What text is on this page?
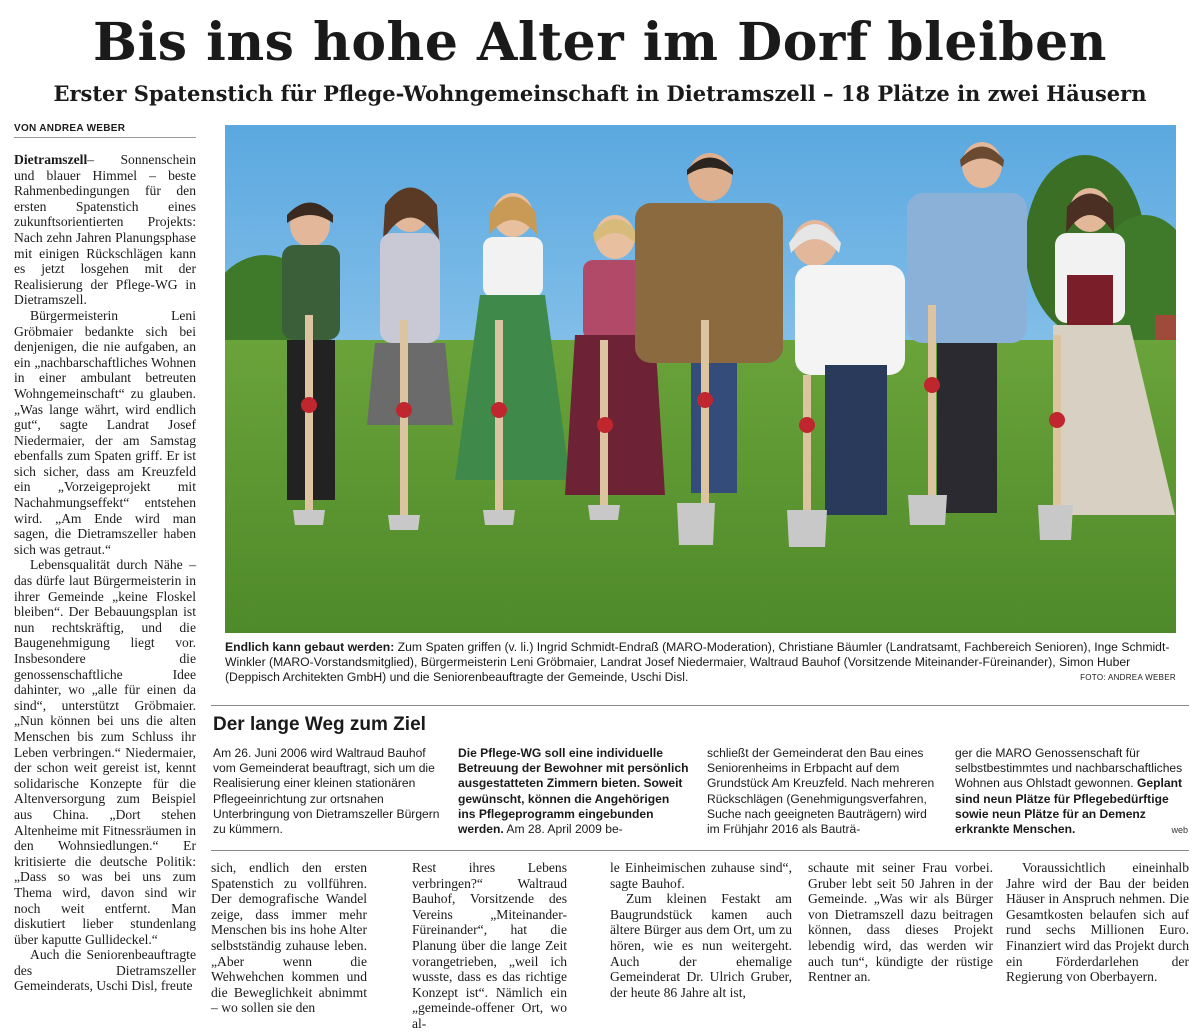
Bis ins hohe Alter im Dorf bleiben
Erster Spatenstich für Pflege-Wohngemeinschaft in Dietramszell – 18 Plätze in zwei Häusern
VON ANDREA WEBER

Dietramszell– Sonnenschein und blauer Himmel – beste Rahmenbedingungen für den ersten Spatenstich eines zukunftsorientierten Projekts: Nach zehn Jahren Planungsphase mit einigen Rückschlägen kann es jetzt losgehen mit der Realisierung der Pflege-WG in Dietramszell.

Bürgermeisterin Leni Gröbmaier bedankte sich bei denjenigen, die nie aufgaben, an ein „nachbarschaftliches Wohnen in einer ambulant betreuten Wohngemeinschaft“ zu glauben. „Was lange währt, wird endlich gut“, sagte Landrat Josef Niedermaier, der am Samstag ebenfalls zum Spaten griff. Er ist sich sicher, dass am Kreuzfeld ein „Vorzeigeprojekt mit Nachahmungseffekt“ entstehen wird. „Am Ende wird man sagen, die Dietramszeller haben sich was getraut.“

Lebensqualität durch Nähe – das dürfe laut Bürgermeisterin in ihrer Gemeinde „keine Floskel bleiben“. Der Bebauungsplan ist nun rechtskräftig, und die Baugenehmigung liegt vor. Insbesondere die genossenschaftliche Idee dahinter, wo „alle für einen da sind“, unterstützt Gröbmaier. „Nun können bei uns die alten Menschen bis zum Schluss ihr Leben verbringen.“ Niedermaier, der schon weit gereist ist, kennt solidarische Konzepte für die Altenversorgung zum Beispiel aus China. „Dort stehen Altenheime mit Fitnessräumen in den Wohnsiedlungen.“ Er kritisierte die deutsche Politik: „Dass so was bei uns zum Thema wird, davon sind wir noch weit entfernt. Man diskutiert lieber stundenlang über kaputte Gullideckel.“

Auch die Seniorenbeauftragte des Dietramszeller Gemeinderats, Uschi Disl, freute

Endlich kann gebaut werden: Zum Spaten griffen (v. li.) Ingrid Schmidt-Endraß (MARO-Moderation), Christiane Bäumler (Landratsamt, Fachbereich Senioren), Inge Schmidt-Winkler (MARO-Vorstandsmitglied), Bürgermeisterin Leni Gröbmaier, Landrat Josef Niedermaier, Waltraud Bauhof (Vorsitzende Miteinander-Füreinander), Simon Huber (Deppisch Architekten GmbH) und die Seniorenbeauftragte der Gemeinde, Uschi Disl.	FOTO: ANDREA WEBER
Der lange Weg zum Ziel

Am 26. Juni 2006 wird Waltraud Bauhof vom Gemeinderat beauftragt, sich um die Realisierung einer kleinen stationären Pflegeeinrichtung zur ortsnahen Unterbringung von Dietramszeller Bürgern zu kümmern.

Die Pflege-WG soll eine individuelle Betreuung der Bewohner mit persönlich ausgestatteten Zimmern bieten. Soweit gewünscht, können die Angehörigen ins Pflegeprogramm eingebunden werden. Am 28. April 2009 be-

schließt der Gemeinderat den Bau eines Seniorenheims in Erbpacht auf dem Grundstück Am Kreuzfeld. Nach mehreren Rückschlägen (Genehmigungsverfahren, Suche nach geeigneten Bauträgern) wird im Frühjahr 2016 als Bauträ-

ger die MARO Genossenschaft für selbstbestimmtes und nachbarschaftliches Wohnen aus Ohlstadt gewonnen. Geplant sind neun Plätze für Pflegebedürftige sowie neun Plätze für an Demenz erkrankte Menschen.	web

sich, endlich den ersten Spatenstich zu vollführen. Der demografische Wandel zeige, dass immer mehr Menschen bis ins hohe Alter selbstständig zuhause leben. „Aber wenn die Wehwehchen kommen und die Beweglichkeit abnimmt – wo sollen sie den

Rest ihres Lebens verbringen?“ Waltraud Bauhof, Vorsitzende des Vereins „Miteinander-Füreinander“, hat die Planung über die lange Zeit vorangetrieben, „weil ich wusste, dass es das richtige Konzept ist“. Nämlich ein „gemeinde-offener Ort, wo al-

le Einheimischen zuhause sind“, sagte Bauhof.

Zum kleinen Festakt am Baugrundstück kamen auch ältere Bürger aus dem Ort, um zu hören, wie es nun weitergeht. Auch der ehemalige Gemeinderat Dr. Ulrich Gruber, der heute 86 Jahre alt ist,

schaute mit seiner Frau vorbei. Gruber lebt seit 50 Jahren in der Gemeinde. „Was wir als Bürger von Dietramszell dazu beitragen können, dass dieses Projekt lebendig wird, das werden wir auch tun“, kündigte der rüstige Rentner an.

Voraussichtlich eineinhalb Jahre wird der Bau der beiden Häuser in Anspruch nehmen. Die Gesamtkosten belaufen sich auf rund sechs Millionen Euro. Finanziert wird das Projekt durch ein Förderdarlehen der Regierung von Oberbayern.
